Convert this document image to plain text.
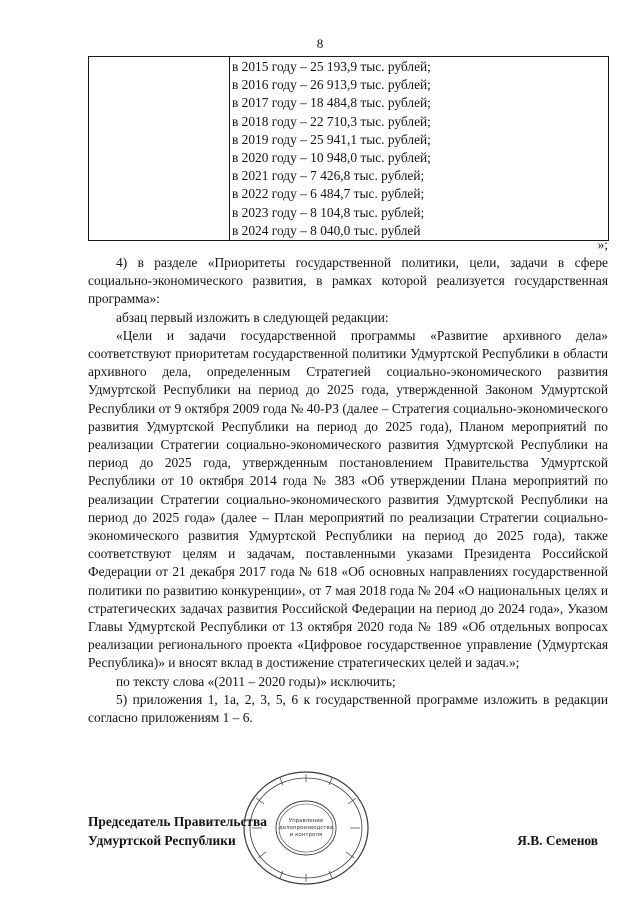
8

в 2015 году – 25 193,9 тыс. рублей;
в 2016 году – 26 913,9 тыс. рублей;
в 2017 году – 18 484,8 тыс. рублей;
в 2018 году – 22 710,3 тыс. рублей;
в 2019 году – 25 941,1 тыс. рублей;
в 2020 году – 10 948,0 тыс. рублей;
в 2021 году – 7 426,8 тыс. рублей;
в 2022 году – 6 484,7 тыс. рублей;
в 2023 году – 8 104,8 тыс. рублей;
в 2024 году – 8 040,0 тыс. рублей
»;

4) в разделе «Приоритеты государственной политики, цели, задачи в сфере социально-экономического развития, в рамках которой реализуется государственная программа»:

абзац первый изложить в следующей редакции:

«Цели и задачи государственной программы «Развитие архивного дела» соответствуют приоритетам государственной политики Удмуртской Республики в области архивного дела, определенным Стратегией социально-экономического развития Удмуртской Республики на период до 2025 года, утвержденной Законом Удмуртской Республики от 9 октября 2009 года № 40-РЗ (далее – Стратегия социально-экономического развития Удмуртской Республики на период до 2025 года), Планом мероприятий по реализации Стратегии социально-экономического развития Удмуртской Республики на период до 2025 года, утвержденным постановлением Правительства Удмуртской Республики от 10 октября 2014 года № 383 «Об утверждении Плана мероприятий по реализации Стратегии социально-экономического развития Удмуртской Республики на период до 2025 года» (далее – План мероприятий по реализации Стратегии социально-экономического развития Удмуртской Республики на период до 2025 года), также соответствуют целям и задачам, поставленными указами Президента Российской Федерации от 21 декабря 2017 года № 618 «Об основных направлениях государственной политики по развитию конкуренции», от 7 мая 2018 года № 204 «О национальных целях и стратегических задачах развития Российской Федерации на период до 2024 года», Указом Главы Удмуртской Республики от 13 октября 2020 года № 189 «Об отдельных вопросах реализации регионального проекта «Цифровое государственное управление (Удмуртская Республика)» и вносят вклад в достижение стратегических целей и задач.»;

по тексту слова «(2011 – 2020 годы)» исключить;

5) приложения 1, 1а, 2, 3, 5, 6 к государственной программе изложить в редакции согласно приложениям 1 – 6.

Управление
делопроизводства
и контроля
Председатель Правительства
Удмуртской Республики	Я.В. Семенов
